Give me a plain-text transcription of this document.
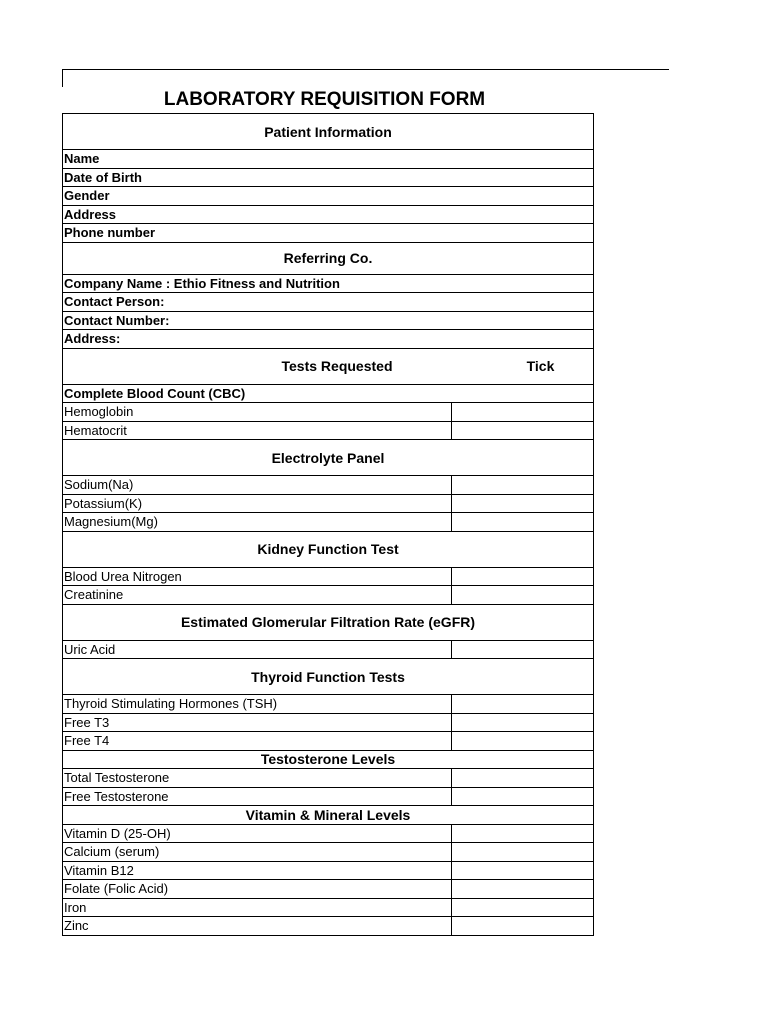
LABORATORY REQUISITION FORM
Patient Information
Name
Date of Birth
Gender
Address
Phone number
Referring Co.
Company Name : Ethio Fitness and Nutrition
Contact Person:
Contact Number:
Address:
Tests Requested	Tick
Complete Blood Count (CBC)
Hemoglobin
Hematocrit
Electrolyte Panel
Sodium(Na)
Potassium(K)
Magnesium(Mg)
Kidney Function Test
Blood Urea Nitrogen
Creatinine
Estimated Glomerular Filtration Rate (eGFR)
Uric Acid
Thyroid Function Tests
Thyroid Stimulating Hormones (TSH)
Free T3
Free T4
Testosterone Levels
Total Testosterone
Free Testosterone
Vitamin & Mineral Levels
Vitamin D (25-OH)
Calcium (serum)
Vitamin B12
Folate (Folic Acid)
Iron
Zinc
